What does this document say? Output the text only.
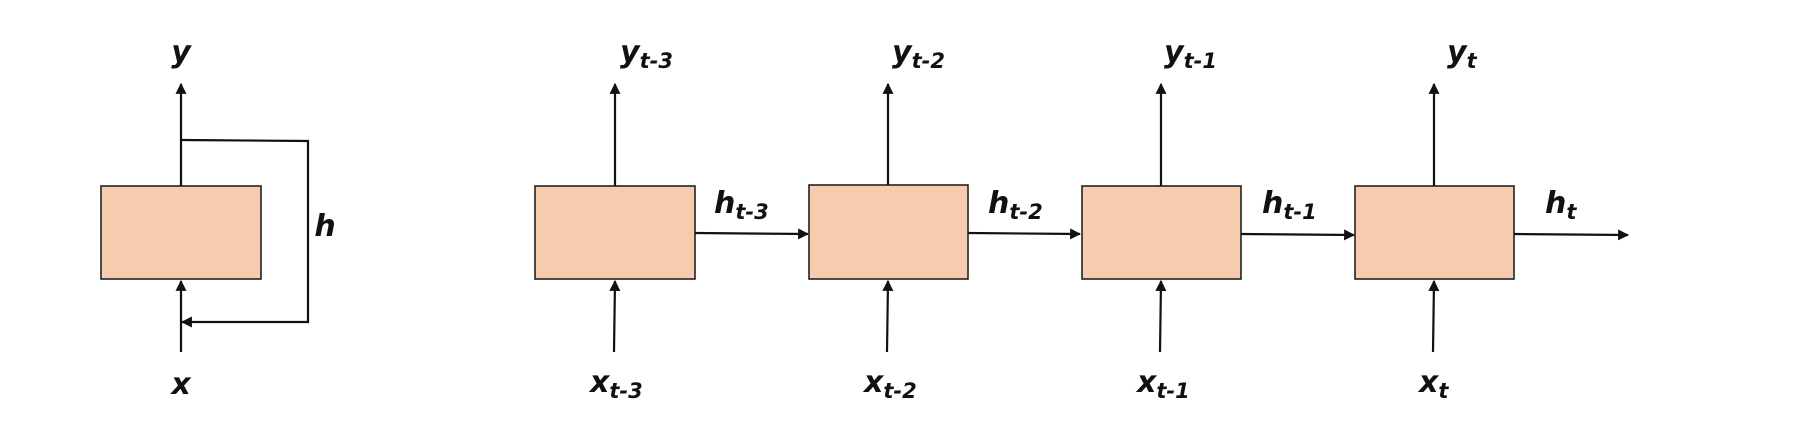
y
x
h
yt-3
xt-3
ht-3
yt-2
xt-2
ht-2
yt-1
xt-1
ht-1
yt
xt
ht
